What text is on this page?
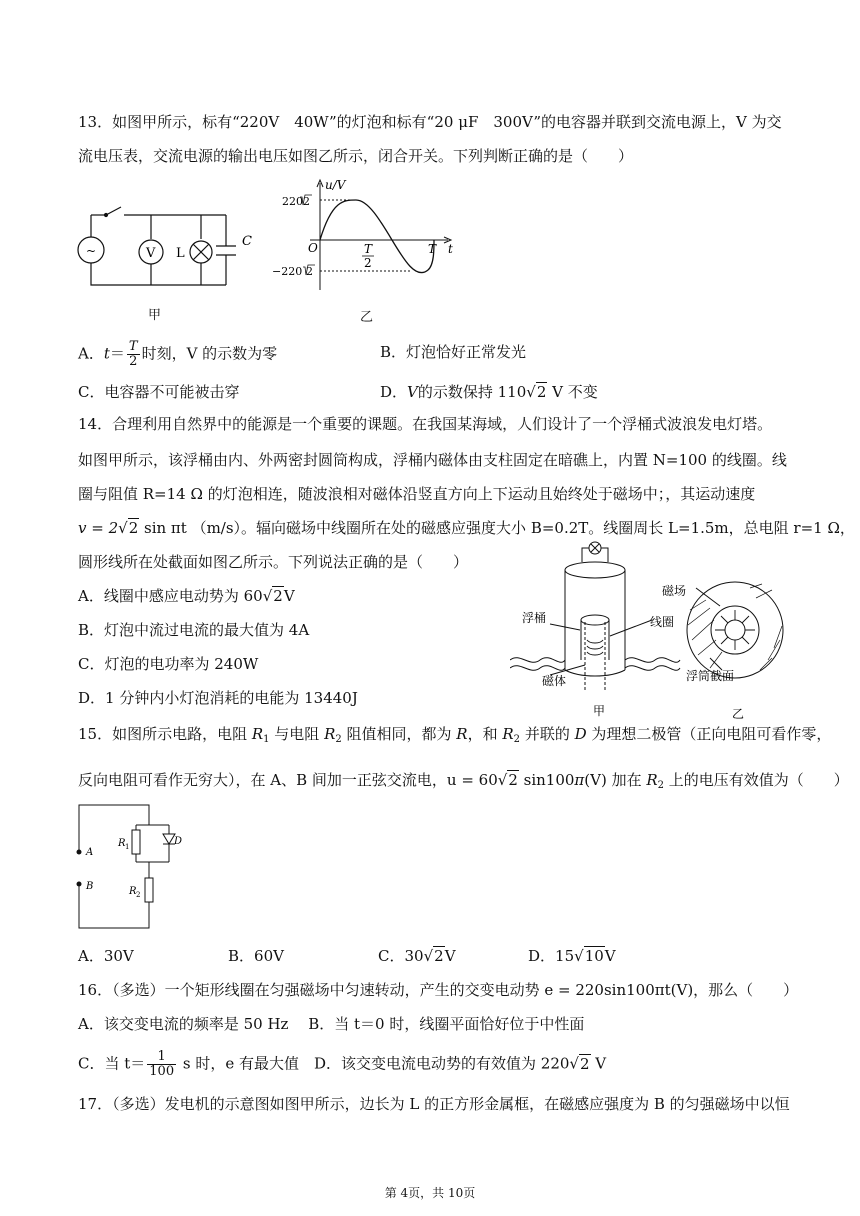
13．如图甲所示，标有“220V　40W”的灯泡和标有“20 μF　300V”的电容器并联到交流电源上，V 为交
流电压表，交流电源的输出电压如图乙所示，闭合开关。下列判断正确的是（　　）
~	V L
C
u/V
220 2
−220 2
O	T
2
T t
甲	乙
A．$t= \frac{T}{2}$ 时刻，V 的示数为零	B．灯泡恰好正常发光
C．电容器不可能被击穿	D．V的示数保持 110√2 V 不变
14．合理利用自然界中的能源是一个重要的课题。在我国某海域，人们设计了一个浮桶式波浪发电灯塔。
如图甲所示，该浮桶由内、外两密封圆筒构成，浮桶内磁体由支柱固定在暗礁上，内置 N=100 的线圈。线
圈与阻值 R=14 Ω 的灯泡相连，随波浪相对磁体沿竖直方向上下运动且始终处于磁场中；，其运动速度
v = 2√2 sin πt （m/s）。辐向磁场中线圈所在处的磁感应强度大小 B=0.2T。线圈周长 L=1.5m，总电阻 r=1 Ω，
圆形线所在处截面如图乙所示。下列说法正确的是（　　）
A．线圈中感应电动势为 60√2V
B．灯泡中流过电流的最大值为 4A
C．灯泡的电功率为 240W
D．1 分钟内小灯泡消耗的电能为 13440J
浮桶	线圈
磁体
磁场
浮筒截面
甲	乙
15．如图所示电路，电阻 $R_1$ 与电阻 $R_2$ 阻值相同，都为 R，和 $R_2$ 并联的 D 为理想二极管（正向电阻可看作零，
反向电阻可看作无穷大），在 A、B 间加一正弦交流电，u = 60√2 sin100π(V) 加在 $R_2$ 上的电压有效值为（　　）
A
B
R 1	D
R 2
A．30V	B．60V	C．30√2V	D．15√10V
16．（多选）一个矩形线圈在匀强磁场中匀速转动，产生的交变电动势 e = 220sin100πt(V)，那么（　　）
A．该交变电流的频率是 50 Hz　 B．当 t＝0 时，线圈平面恰好位于中性面
C．当 $t= \frac{1}{100}$ s 时，e 有最大值　D．该交变电流电动势的有效值为 220√2 V
17．（多选）发电机的示意图如图甲所示，边长为 L 的正方形金属框，在磁感应强度为 B 的匀强磁场中以恒
第 4页，共 10页
